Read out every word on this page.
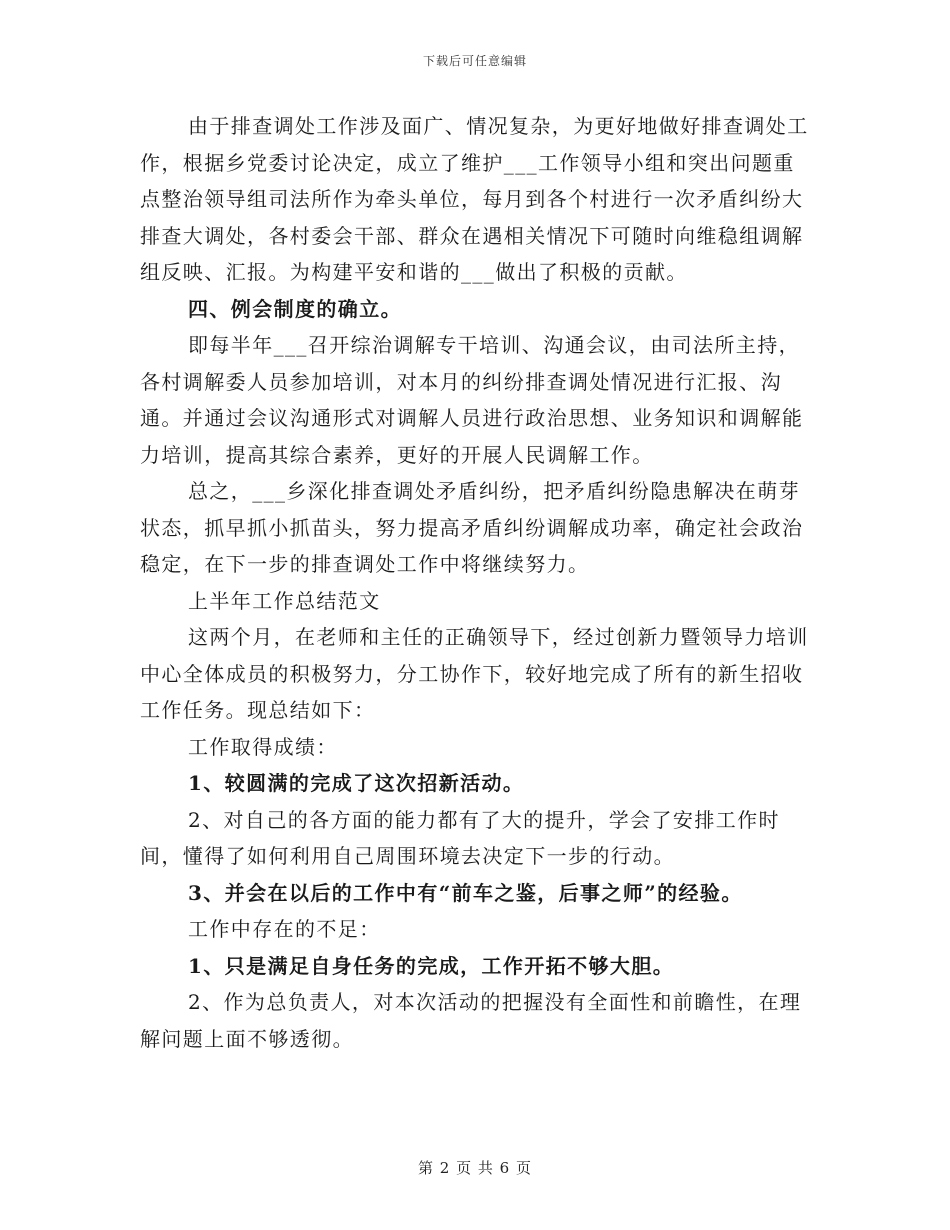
下载后可任意编辑

由于排查调处工作涉及面广、情况复杂，为更好地做好排查调处工作，根据乡党委讨论决定，成立了维护___工作领导小组和突出问题重点整治领导组司法所作为牵头单位，每月到各个村进行一次矛盾纠纷大排查大调处，各村委会干部、群众在遇相关情况下可随时向维稳组调解组反映、汇报。为构建平安和谐的___做出了积极的贡献。

四、例会制度的确立。

即每半年___召开综治调解专干培训、沟通会议，由司法所主持，各村调解委人员参加培训，对本月的纠纷排查调处情况进行汇报、沟通。并通过会议沟通形式对调解人员进行政治思想、业务知识和调解能力培训，提高其综合素养，更好的开展人民调解工作。

总之，___乡深化排查调处矛盾纠纷，把矛盾纠纷隐患解决在萌芽状态，抓早抓小抓苗头，努力提高矛盾纠纷调解成功率，确定社会政治稳定，在下一步的排查调处工作中将继续努力。

上半年工作总结范文

这两个月，在老师和主任的正确领导下，经过创新力暨领导力培训中心全体成员的积极努力，分工协作下，较好地完成了所有的新生招收工作任务。现总结如下：

工作取得成绩：

1、较圆满的完成了这次招新活动。

2、对自己的各方面的能力都有了大的提升，学会了安排工作时间，懂得了如何利用自己周围环境去决定下一步的行动。

3、并会在以后的工作中有“前车之鉴，后事之师”的经验。

工作中存在的不足：

1、只是满足自身任务的完成，工作开拓不够大胆。

2、作为总负责人，对本次活动的把握没有全面性和前瞻性，在理解问题上面不够透彻。

第 2 页 共 6 页
